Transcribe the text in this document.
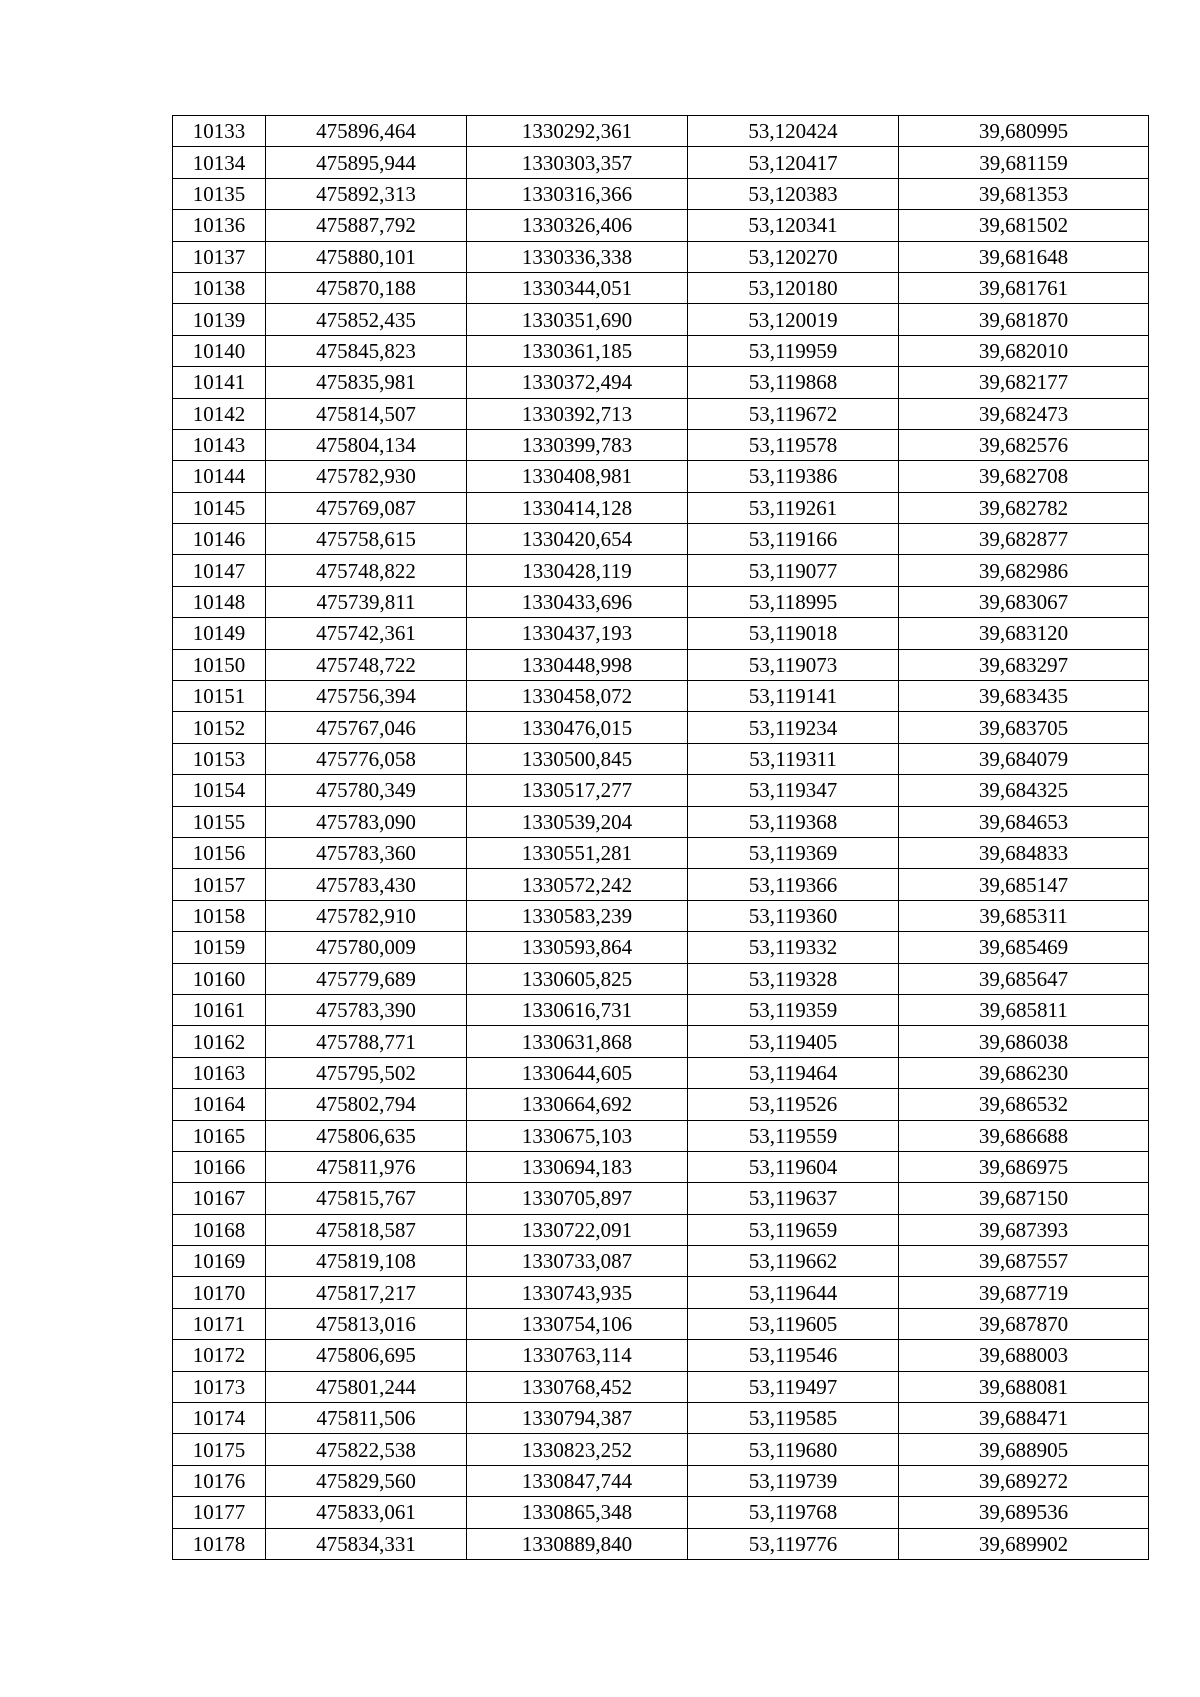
10133	475896,464	1330292,361	53,120424	39,680995
10134	475895,944	1330303,357	53,120417	39,681159
10135	475892,313	1330316,366	53,120383	39,681353
10136	475887,792	1330326,406	53,120341	39,681502
10137	475880,101	1330336,338	53,120270	39,681648
10138	475870,188	1330344,051	53,120180	39,681761
10139	475852,435	1330351,690	53,120019	39,681870
10140	475845,823	1330361,185	53,119959	39,682010
10141	475835,981	1330372,494	53,119868	39,682177
10142	475814,507	1330392,713	53,119672	39,682473
10143	475804,134	1330399,783	53,119578	39,682576
10144	475782,930	1330408,981	53,119386	39,682708
10145	475769,087	1330414,128	53,119261	39,682782
10146	475758,615	1330420,654	53,119166	39,682877
10147	475748,822	1330428,119	53,119077	39,682986
10148	475739,811	1330433,696	53,118995	39,683067
10149	475742,361	1330437,193	53,119018	39,683120
10150	475748,722	1330448,998	53,119073	39,683297
10151	475756,394	1330458,072	53,119141	39,683435
10152	475767,046	1330476,015	53,119234	39,683705
10153	475776,058	1330500,845	53,119311	39,684079
10154	475780,349	1330517,277	53,119347	39,684325
10155	475783,090	1330539,204	53,119368	39,684653
10156	475783,360	1330551,281	53,119369	39,684833
10157	475783,430	1330572,242	53,119366	39,685147
10158	475782,910	1330583,239	53,119360	39,685311
10159	475780,009	1330593,864	53,119332	39,685469
10160	475779,689	1330605,825	53,119328	39,685647
10161	475783,390	1330616,731	53,119359	39,685811
10162	475788,771	1330631,868	53,119405	39,686038
10163	475795,502	1330644,605	53,119464	39,686230
10164	475802,794	1330664,692	53,119526	39,686532
10165	475806,635	1330675,103	53,119559	39,686688
10166	475811,976	1330694,183	53,119604	39,686975
10167	475815,767	1330705,897	53,119637	39,687150
10168	475818,587	1330722,091	53,119659	39,687393
10169	475819,108	1330733,087	53,119662	39,687557
10170	475817,217	1330743,935	53,119644	39,687719
10171	475813,016	1330754,106	53,119605	39,687870
10172	475806,695	1330763,114	53,119546	39,688003
10173	475801,244	1330768,452	53,119497	39,688081
10174	475811,506	1330794,387	53,119585	39,688471
10175	475822,538	1330823,252	53,119680	39,688905
10176	475829,560	1330847,744	53,119739	39,689272
10177	475833,061	1330865,348	53,119768	39,689536
10178	475834,331	1330889,840	53,119776	39,689902
